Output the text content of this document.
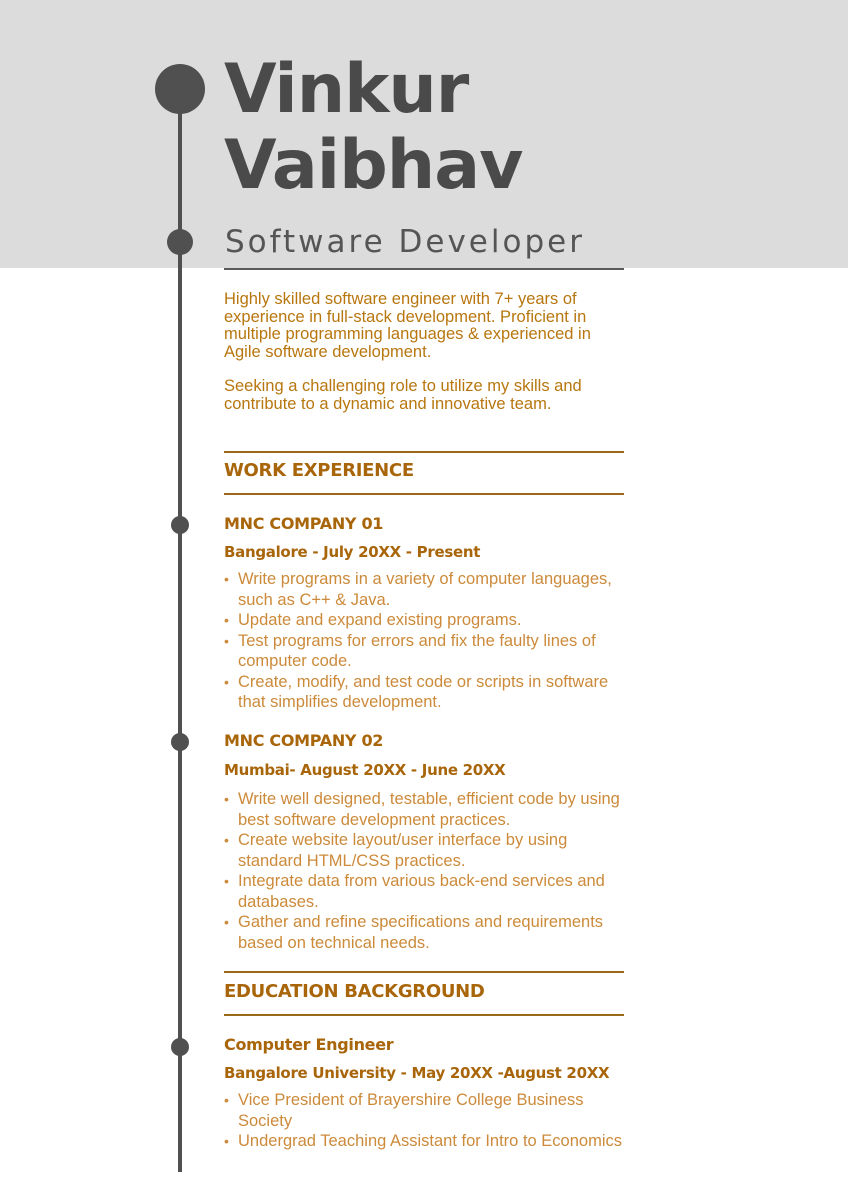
Vinkur
Vaibhav
Software Developer
Highly skilled software engineer with 7+ years of experience in full-stack development. Proficient in multiple programming languages & experienced in Agile software development.
Seeking a challenging role to utilize my skills and contribute to a dynamic and innovative team.
WORK EXPERIENCE
MNC COMPANY 01
Bangalore - July 20XX - Present
• Write programs in a variety of computer languages, such as C++ & Java.
• Update and expand existing programs.
• Test programs for errors and fix the faulty lines of computer code.
• Create, modify, and test code or scripts in software that simplifies development.
MNC COMPANY 02
Mumbai- August 20XX - June 20XX
• Write well designed, testable, efficient code by using best software development practices.
• Create website layout/user interface by using standard HTML/CSS practices.
• Integrate data from various back-end services and databases.
• Gather and refine specifications and requirements based on technical needs.
EDUCATION BACKGROUND
Computer Engineer
Bangalore University - May 20XX -August 20XX
• Vice President of Brayershire College Business Society
• Undergrad Teaching Assistant for Intro to Economics
